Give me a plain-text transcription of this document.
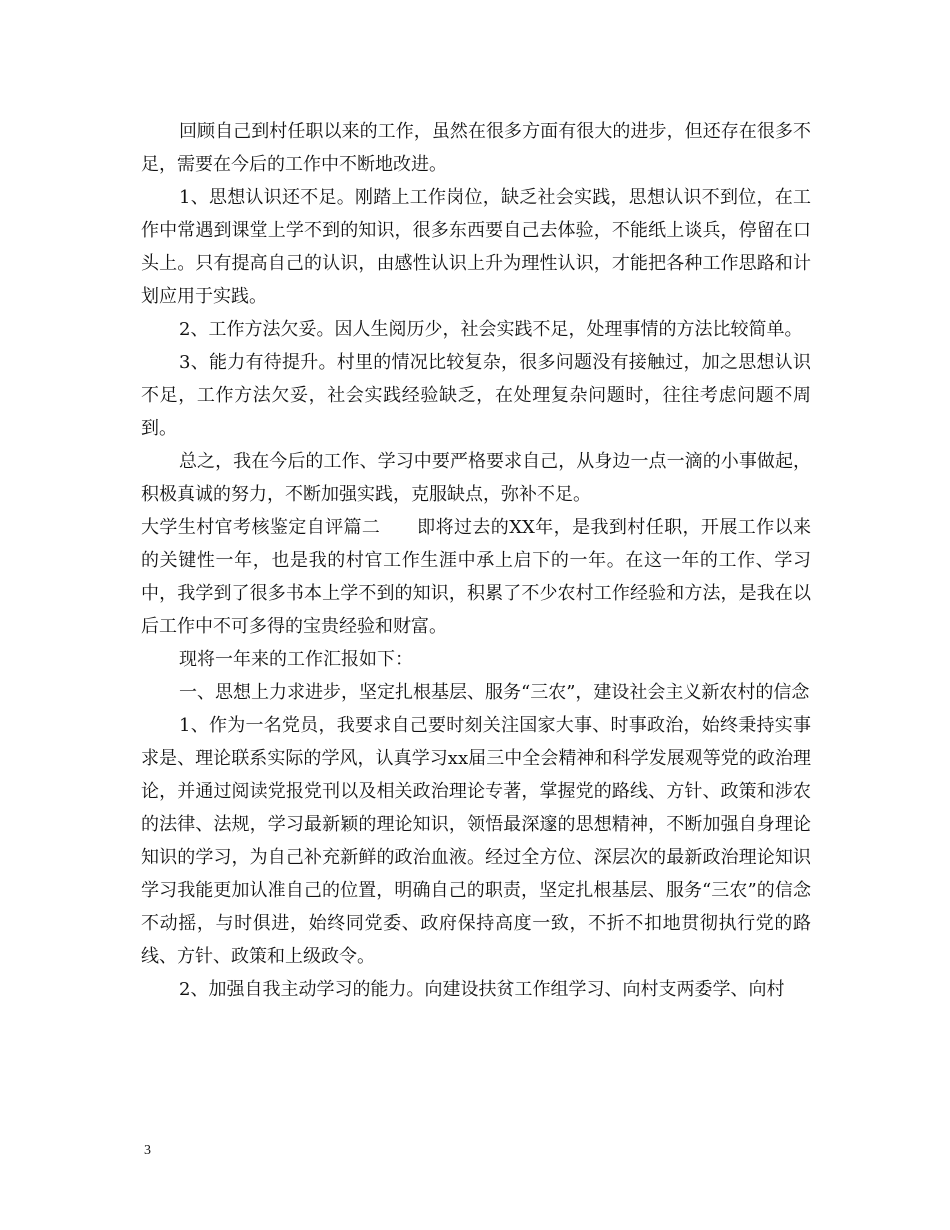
回顾自己到村任职以来的工作，虽然在很多方面有很大的进步，但还存在很多不足，需要在今后的工作中不断地改进。

1、思想认识还不足。刚踏上工作岗位，缺乏社会实践，思想认识不到位，在工作中常遇到课堂上学不到的知识，很多东西要自己去体验，不能纸上谈兵，停留在口头上。只有提高自己的认识，由感性认识上升为理性认识，才能把各种工作思路和计划应用于实践。

2、工作方法欠妥。因人生阅历少，社会实践不足，处理事情的方法比较简单。

3、能力有待提升。村里的情况比较复杂，很多问题没有接触过，加之思想认识不足，工作方法欠妥，社会实践经验缺乏，在处理复杂问题时，往往考虑问题不周到。

总之，我在今后的工作、学习中要严格要求自己，从身边一点一滴的小事做起，积极真诚的努力，不断加强实践，克服缺点，弥补不足。

大学生村官考核鉴定自评篇二　　即将过去的XX年，是我到村任职，开展工作以来的关键性一年，也是我的村官工作生涯中承上启下的一年。在这一年的工作、学习中，我学到了很多书本上学不到的知识，积累了不少农村工作经验和方法，是我在以后工作中不可多得的宝贵经验和财富。

现将一年来的工作汇报如下：

一、思想上力求进步，坚定扎根基层、服务“三农”，建设社会主义新农村的信念

1、作为一名党员，我要求自己要时刻关注国家大事、时事政治，始终秉持实事求是、理论联系实际的学风，认真学习xx届三中全会精神和科学发展观等党的政治理论，并通过阅读党报党刊以及相关政治理论专著，掌握党的路线、方针、政策和涉农的法律、法规，学习最新颖的理论知识，领悟最深邃的思想精神，不断加强自身理论知识的学习，为自己补充新鲜的政治血液。经过全方位、深层次的最新政治理论知识学习我能更加认准自己的位置，明确自己的职责，坚定扎根基层、服务“三农”的信念不动摇，与时俱进，始终同党委、政府保持高度一致，不折不扣地贯彻执行党的路线、方针、政策和上级政令。

2、加强自我主动学习的能力。向建设扶贫工作组学习、向村支两委学、向村

3
